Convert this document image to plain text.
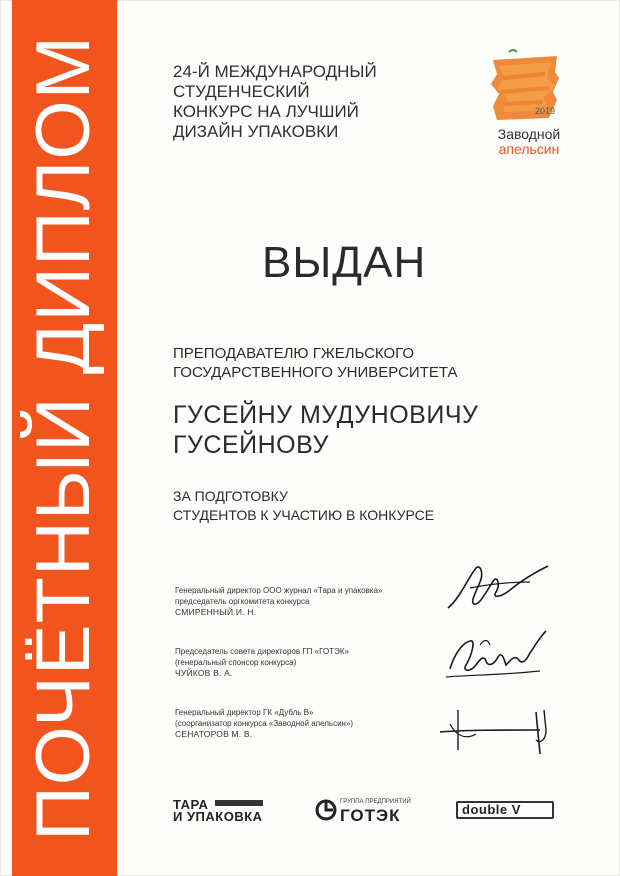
ПОЧЁТНЫЙ ДИПЛОМ	24-Й МЕЖДУНАРОДНЫЙ
СТУДЕНЧЕСКИЙ
КОНКУРС НА ЛУЧШИЙ
ДИЗАЙН УПАКОВКИ
2019
Заводной
апельсин
ВЫДАН
ПРЕПОДАВАТЕЛЮ ГЖЕЛЬСКОГО
ГОСУДАРСТВЕННОГО УНИВЕРСИТЕТА
ГУСЕЙНУ МУДУНОВИЧУ
ГУСЕЙНОВУ
ЗА ПОДГОТОВКУ
СТУДЕНТОВ К УЧАСТИЮ В КОНКУРСЕ
Генеральный директор ООО журнал «Тара и упаковка»
председатель оргкомитета конкурса
СМИРЕННЫЙ И. Н.
Председатель совета директоров ГП «ГОТЭК»
(генеральный спонсор конкурса)
ЧУЙКОВ В. А.
Генеральный директор ГК «Дубль В»
(соорганизатор конкурса «Заводной апельсин»)
СЕНАТОРОВ М. В.
ТАРА
И УПАКОВКА
ГРУППА ПРЕДПРИЯТИЙ
ГОТЭК	double V
